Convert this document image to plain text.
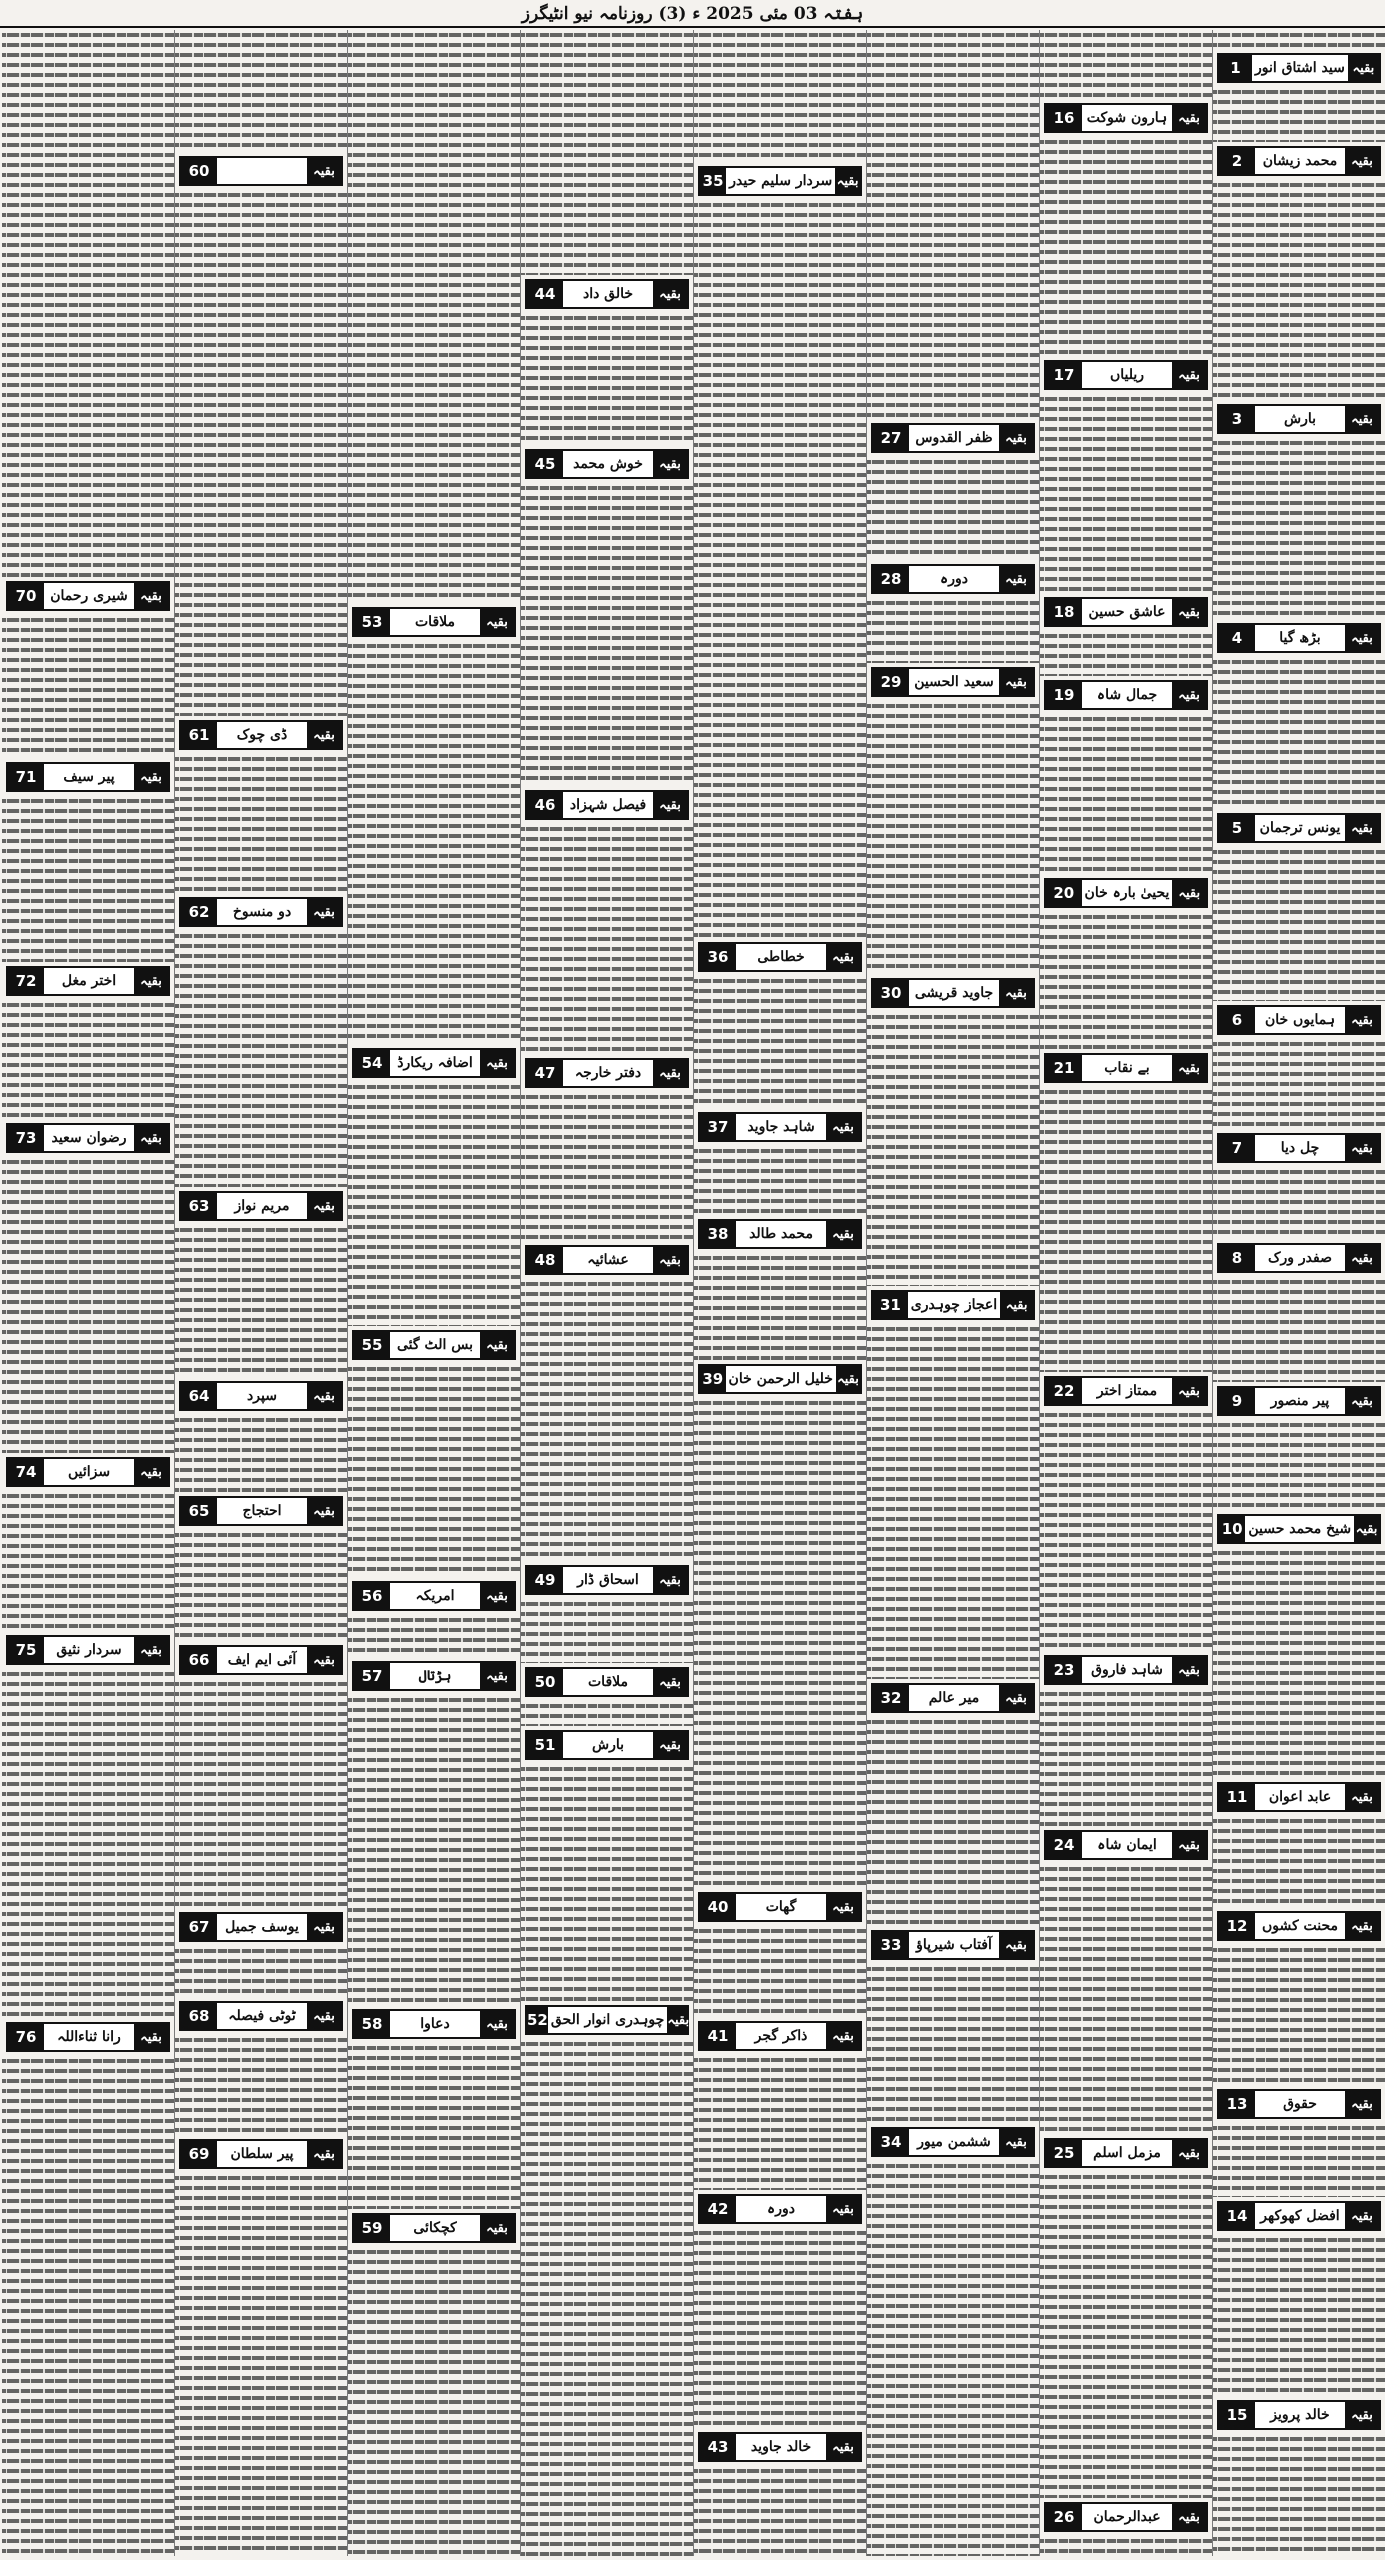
ہفتہ 03 مئی 2025 ء (3) روزنامہ نیو انٹیگرز
1	سید اشتاق انور بقیہ
2	محمد زیشان	بقیہ
3	بارش	بقیہ
4	بڑھ گیا	بقیہ
5	یونس ترجمان بقیہ
6	ہمایوں خان	بقیہ
7	چل دیا	بقیہ
8	صفدر ورک	بقیہ
9	پیر منصور	بقیہ
10 شیخ محمد حسین بقیہ
11	عابد اعوان	بقیہ
12	محنت کشوں	بقیہ
13	حقوق	بقیہ
14 افضل کھوکھر بقیہ
15	خالد پرویز	بقیہ
16 ہارون شوکت بقیہ
17	ریلیاں	بقیہ
18	عاشق حسین بقیہ
19	جمال شاہ	بقیہ
20 یحییٰ بارہ خان بقیہ
21	بے نقاب	بقیہ
22	ممتاز اختر	بقیہ
23	شاہد فاروق	بقیہ
24	ایمان شاہ	بقیہ
25	مزمل اسلم	بقیہ
26	عبدالرحمان	بقیہ
27 ظفر القدوس بقیہ
28	دورہ	بقیہ
29 سعید الحسین بقیہ
30 جاوید قریشی بقیہ
31 اعجاز چوہدری بقیہ
32	میر عالم	بقیہ
33	آفتاب شیرپاؤ	بقیہ
34	ششمن میور	بقیہ
35 سردار سلیم حیدر بقیہ
36	خطاطی	بقیہ
37	شاہد جاوید	بقیہ
38	محمد طالد	بقیہ
39 خلیل الرحمن خان بقیہ
40	گھات	بقیہ
41	ذاکر گجر	بقیہ
42	دورہ	بقیہ
43	خالد جاوید	بقیہ
44	خالق داد	بقیہ
45	خوش محمد	بقیہ
46	فیصل شہزاد بقیہ
47	دفتر خارجہ	بقیہ
48	عشائیہ	بقیہ
49	اسحاق ڈار	بقیہ
50	ملاقات	بقیہ
51	بارش	بقیہ
52 چوہدری انوار الحق بقیہ
53	ملاقات	بقیہ
54	اضافہ ریکارڈ	بقیہ
55	بس الٹ گئی	بقیہ
56	امریکہ	بقیہ
57	ہڑتال	بقیہ
58	دعاوا	بقیہ
59	کچکائی	بقیہ
60	بقیہ
61	ڈی چوک	بقیہ
62	دو منسوخ	بقیہ
63	مریم نواز	بقیہ
64	سپرد	بقیہ
65	احتجاج	بقیہ
66	آئی ایم ایف	بقیہ
67	یوسف جمیل	بقیہ
68	ٹوٹی فیصلہ	بقیہ
69	پیر سلطان	بقیہ
70 شیری رحمان بقیہ
71	پیر سیف	بقیہ
72	اختر مغل	بقیہ
73	رضوان سعید	بقیہ
74	سزائیں	بقیہ
75	سردار نثیق	بقیہ
76	رانا ثناءاللہ	بقیہ
